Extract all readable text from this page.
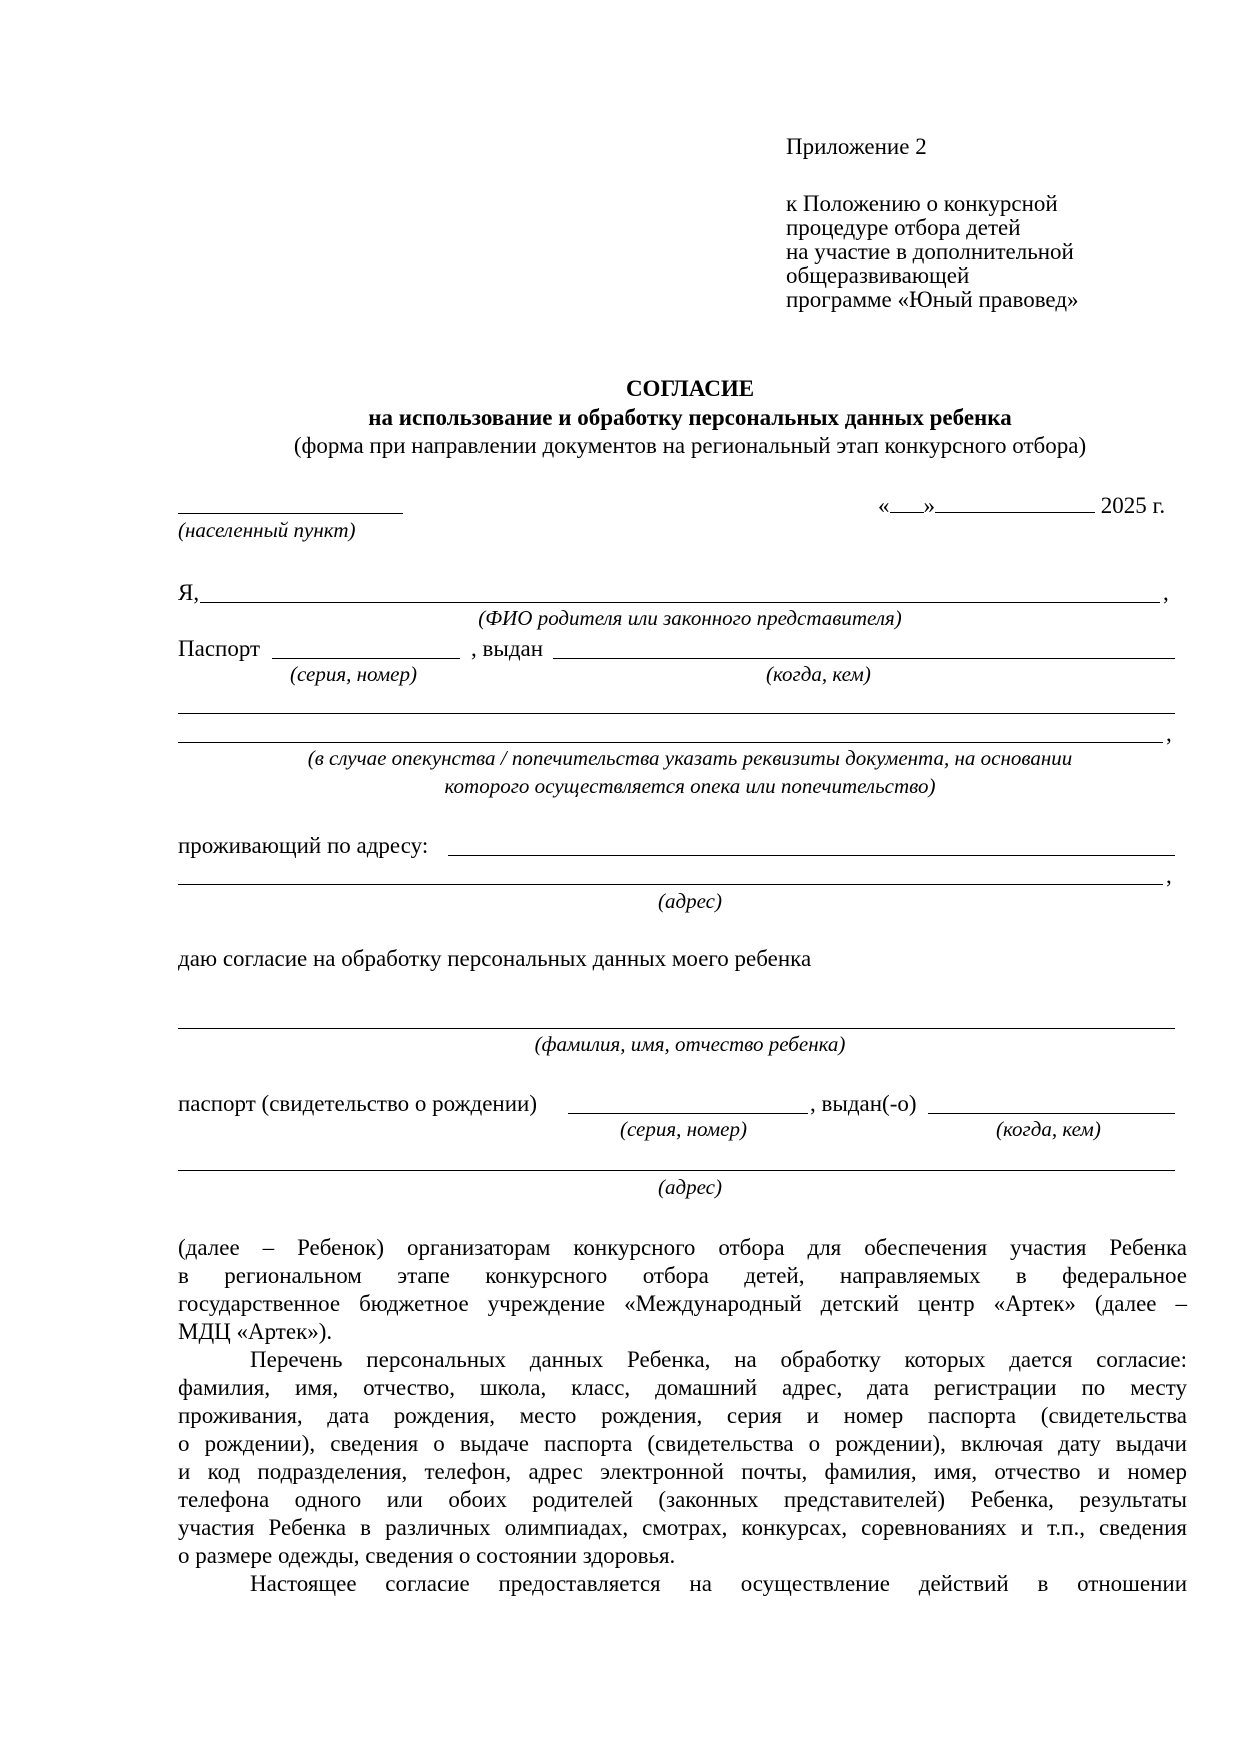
Приложение 2
к Положению о конкурсной
процедуре отбора детей
на участие в дополнительной
общеразвивающей
программе «Юный правовед»
СОГЛАСИЕ
на использование и обработку персональных данных ребенка
(форма при направлении документов на региональный этап конкурсного отбора)
(населенный пункт)
« »	2025 г.
Я,	,
(ФИО родителя или законного представителя)
Паспорт	, выдан
(серия, номер)	(когда, кем)
,
(в случае опекунства / попечительства указать реквизиты документа, на основании
которого осуществляется опека или попечительство)
проживающий по адресу:
,
(адрес)
даю согласие на обработку персональных данных моего ребенка
(фамилия, имя, отчество ребенка)
паспорт (свидетельство о рождении)	, выдан(-о)
(серия, номер)	(когда, кем)
(адрес)

(далее – Ребенок) организаторам конкурсного отбора для обеспечения участия Ребенка

в региональном этапе конкурсного отбора детей, направляемых в федеральное

государственное бюджетное учреждение «Международный детский центр «Артек» (далее –

МДЦ «Артек»).

Перечень персональных данных Ребенка, на обработку которых дается согласие:

фамилия, имя, отчество, школа, класс, домашний адрес, дата регистрации по месту

проживания, дата рождения, место рождения, серия и номер паспорта (свидетельства

о рождении), сведения о выдаче паспорта (свидетельства о рождении), включая дату выдачи

и код подразделения, телефон, адрес электронной почты, фамилия, имя, отчество и номер

телефона одного или обоих родителей (законных представителей) Ребенка, результаты

участия Ребенка в различных олимпиадах, смотрах, конкурсах, соревнованиях и т.п., сведения

о размере одежды, сведения о состоянии здоровья.

Настоящее согласие предоставляется на осуществление действий в отношении
